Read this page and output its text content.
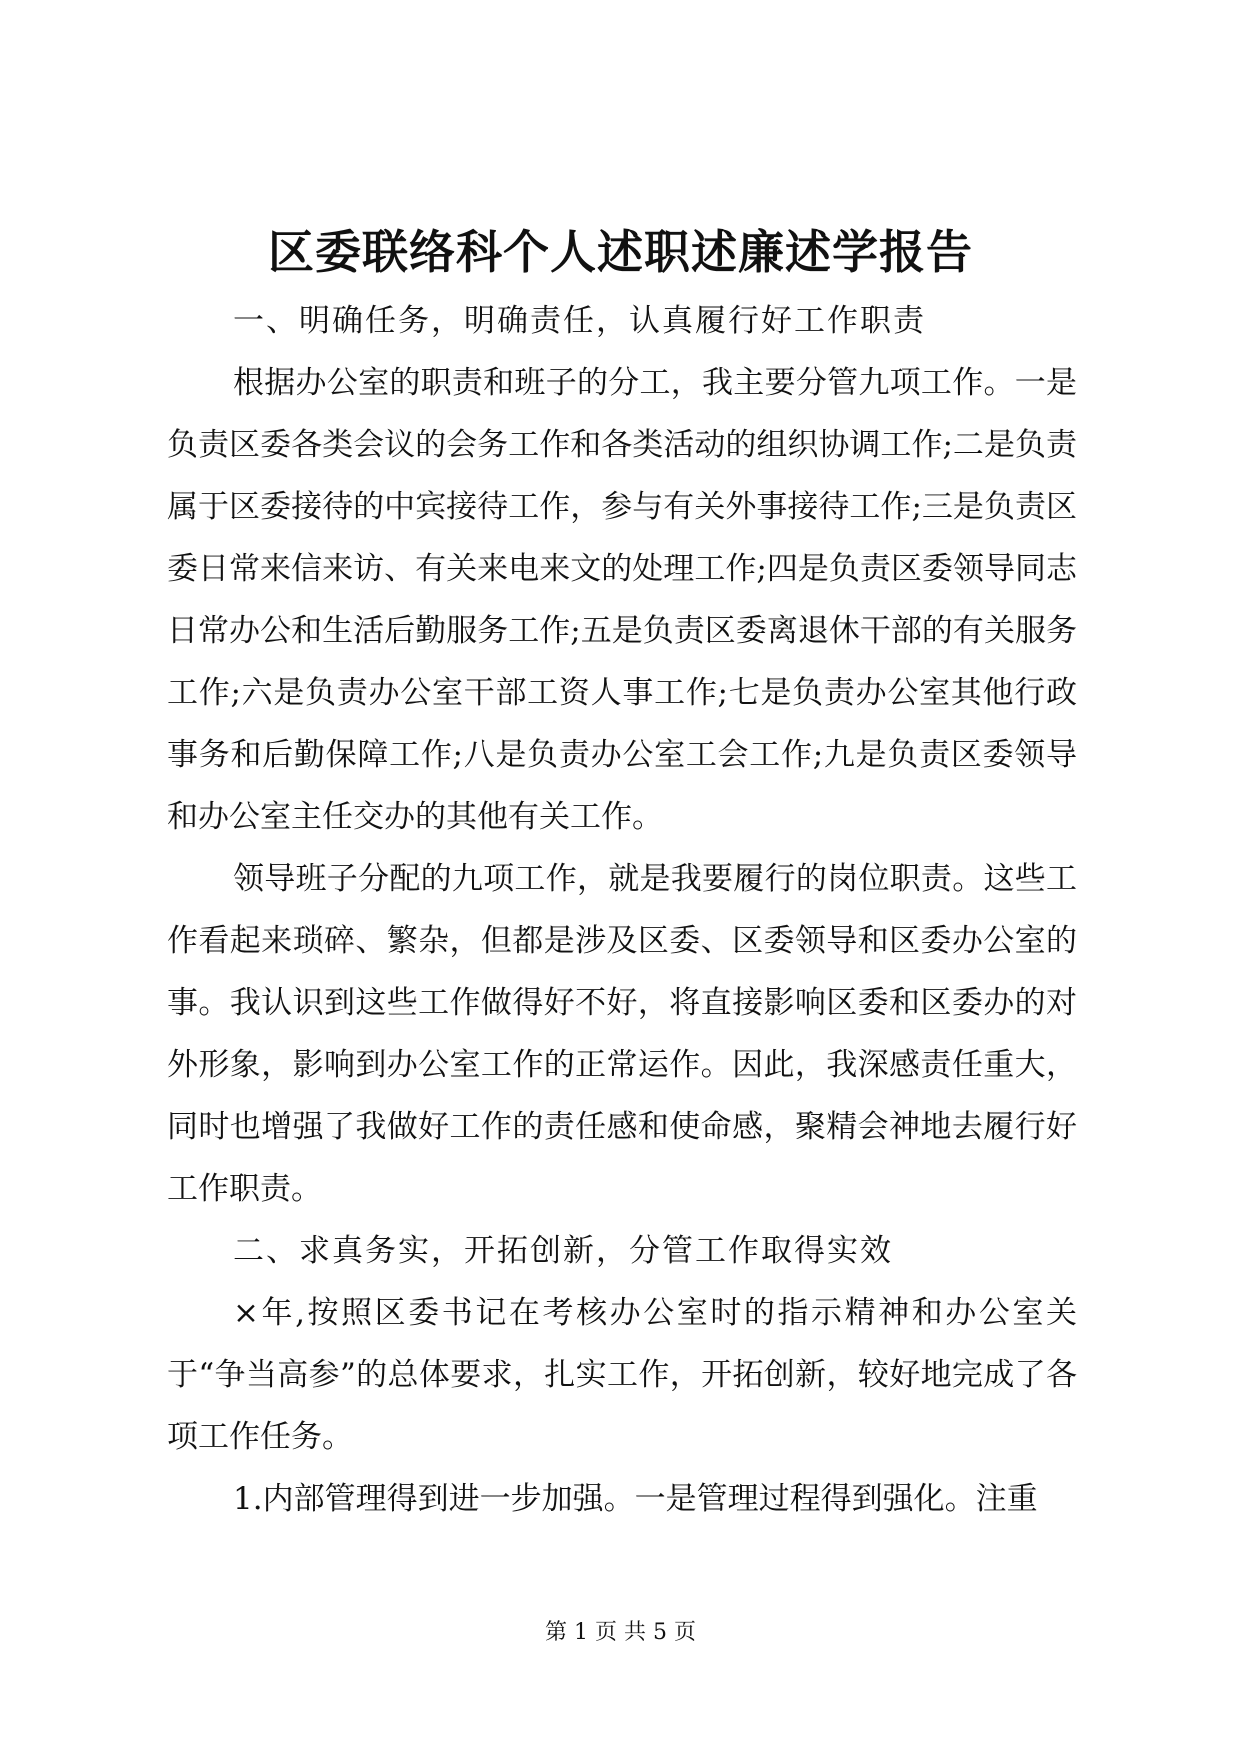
区委联络科个人述职述廉述学报告

一、明确任务，明确责任，认真履行好工作职责

根据办公室的职责和班子的分工，我主要分管九项工作。一是负责区委各类会议的会务工作和各类活动的组织协调工作;二是负责属于区委接待的中宾接待工作，参与有关外事接待工作;三是负责区委日常来信来访、有关来电来文的处理工作;四是负责区委领导同志日常办公和生活后勤服务工作;五是负责区委离退休干部的有关服务工作;六是负责办公室干部工资人事工作;七是负责办公室其他行政事务和后勤保障工作;八是负责办公室工会工作;九是负责区委领导和办公室主任交办的其他有关工作。

领导班子分配的九项工作，就是我要履行的岗位职责。这些工作看起来琐碎、繁杂，但都是涉及区委、区委领导和区委办公室的事。我认识到这些工作做得好不好，将直接影响区委和区委办的对外形象，影响到办公室工作的正常运作。因此，我深感责任重大，同时也增强了我做好工作的责任感和使命感，聚精会神地去履行好工作职责。

二、求真务实，开拓创新，分管工作取得实效

×年,按照区委书记在考核办公室时的指示精神和办公室关于“争当高参”的总体要求，扎实工作，开拓创新，较好地完成了各项工作任务。

1.内部管理得到进一步加强。一是管理过程得到强化。注重

第 1 页 共 5 页
